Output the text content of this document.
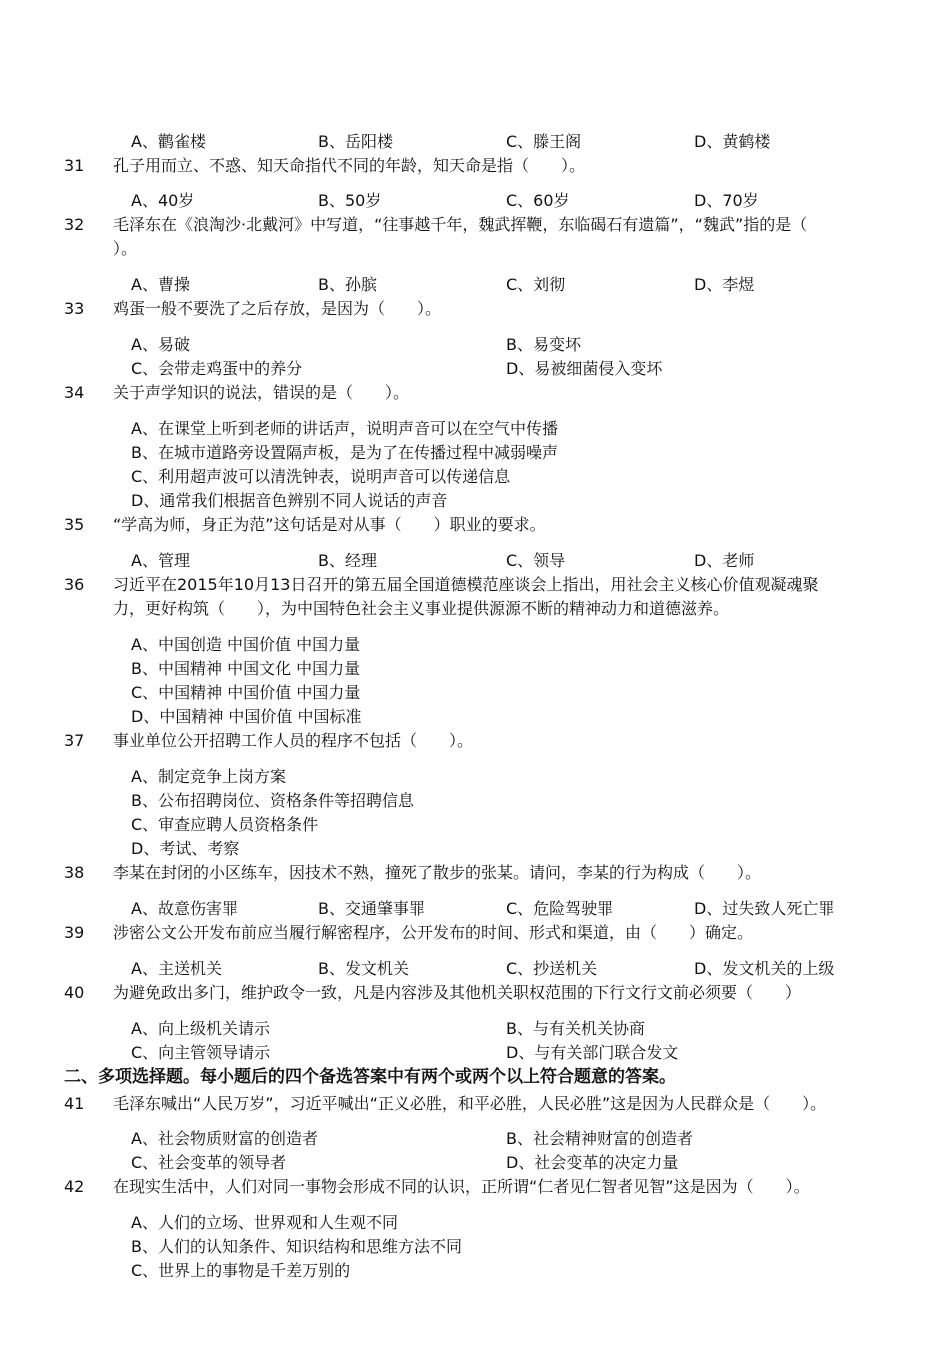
A、鹳雀楼	B、岳阳楼	C、滕王阁	D、黄鹤楼
31	孔子用而立、不惑、知天命指代不同的年龄，知天命是指（　　）。
A、40岁	B、50岁	C、60岁	D、70岁
32	毛泽东在《浪淘沙·北戴河》中写道，“往事越千年，魏武挥鞭，东临碣石有遗篇”，“魏武”指的是（
）。
A、曹操	B、孙膑	C、刘彻	D、李煜
33	鸡蛋一般不要洗了之后存放，是因为（　　）。
A、易破	B、易变坏
C、会带走鸡蛋中的养分	D、易被细菌侵入变坏
34	关于声学知识的说法，错误的是（　　）。
A、在课堂上听到老师的讲话声，说明声音可以在空气中传播
B、在城市道路旁设置隔声板，是为了在传播过程中减弱噪声
C、利用超声波可以清洗钟表，说明声音可以传递信息
D、通常我们根据音色辨别不同人说话的声音
35	“学高为师，身正为范”这句话是对从事（　　）职业的要求。
A、管理	B、经理	C、领导	D、老师
36	习近平在2015年10月13日召开的第五届全国道德模范座谈会上指出，用社会主义核心价值观凝魂聚
力，更好构筑（　　），为中国特色社会主义事业提供源源不断的精神动力和道德滋养。
A、中国创造 中国价值 中国力量
B、中国精神 中国文化 中国力量
C、中国精神 中国价值 中国力量
D、中国精神 中国价值 中国标准
37	事业单位公开招聘工作人员的程序不包括（　　）。
A、制定竞争上岗方案
B、公布招聘岗位、资格条件等招聘信息
C、审查应聘人员资格条件
D、考试、考察
38	李某在封闭的小区练车，因技术不熟，撞死了散步的张某。请问，李某的行为构成（　　）。
A、故意伤害罪	B、交通肇事罪	C、危险驾驶罪	D、过失致人死亡罪
39	涉密公文公开发布前应当履行解密程序，公开发布的时间、形式和渠道，由（　　）确定。
A、主送机关	B、发文机关	C、抄送机关	D、发文机关的上级
40	为避免政出多门，维护政令一致，凡是内容涉及其他机关职权范围的下行文行文前必须要（　　）
A、向上级机关请示	B、与有关机关协商
C、向主管领导请示	D、与有关部门联合发文
二、多项选择题。每小题后的四个备选答案中有两个或两个以上符合题意的答案。
41	毛泽东喊出“人民万岁”，习近平喊出“正义必胜，和平必胜，人民必胜”这是因为人民群众是（　　）。
A、社会物质财富的创造者	B、社会精神财富的创造者
C、社会变革的领导者	D、社会变革的决定力量
42	在现实生活中，人们对同一事物会形成不同的认识，正所谓“仁者见仁智者见智”这是因为（　　）。
A、人们的立场、世界观和人生观不同
B、人们的认知条件、知识结构和思维方法不同
C、世界上的事物是千差万别的
